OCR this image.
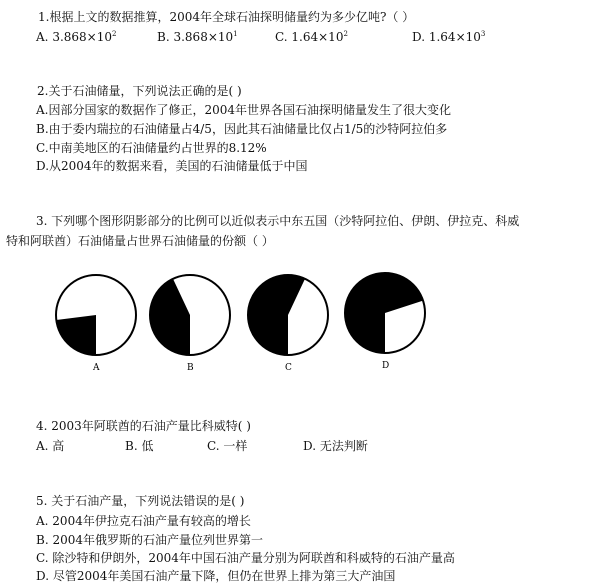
1.根据上文的数据推算，2004年全球石油探明储量约为多少亿吨?（ ）
A. $3.868\times 10^2$	B. $3.868\times 10^1$	C. $1.64\times 10^2$	D. $1.64\times 10^3$
2.关于石油储量，下列说法正确的是( )
A.因部分国家的数据作了修正，2004年世界各国石油探明储量发生了很大变化
B.由于委内瑞拉的石油储量占4/5，因此其石油储量比仅占1/5的沙特阿拉伯多
C.中南美地区的石油储量约占世界的8.12%
D.从2004年的数据来看，美国的石油储量低于中国
3. 下列哪个图形阴影部分的比例可以近似表示中东五国（沙特阿拉伯、伊朗、伊拉克、科威
特和阿联酋）石油储量占世界石油储量的份额（ ）
A	B	C	D
4. 2003年阿联酋的石油产量比科威特( )
A. 高	B. 低	C. 一样	D. 无法判断
5. 关于石油产量，下列说法错误的是( )
A. 2004年伊拉克石油产量有较高的增长
B. 2004年俄罗斯的石油产量位列世界第一
C. 除沙特和伊朗外，2004年中国石油产量分别为阿联酋和科威特的石油产量高
D. 尽管2004年美国石油产量下降，但仍在世界上排为第三大产油国
